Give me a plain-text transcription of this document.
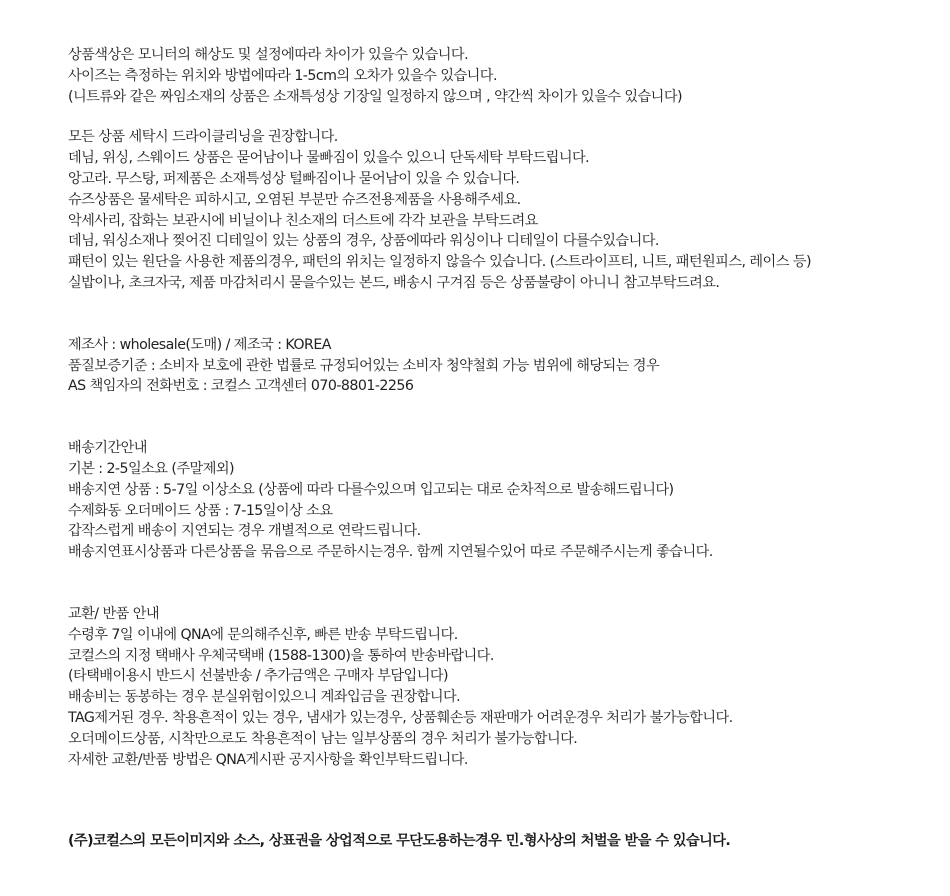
상품색상은 모니터의 해상도 및 설정에따라 차이가 있을수 있습니다.
사이즈는 측정하는 위치와 방법에따라 1-5cm의 오차가 있을수 있습니다.
(니트류와 같은 짜임소재의 상품은 소재특성상 기장일 일정하지 않으며 , 약간씩 차이가 있을수 있습니다)
모든 상품 세탁시 드라이클리닝을 권장합니다.
데님, 위싱, 스웨이드 상품은 묻어남이나 물빠짐이 있을수 있으니 단독세탁 부탁드립니다.
앙고라. 무스탕, 퍼제품은 소재특성상 털빠짐이나 묻어남이 있을 수 있습니다.
슈즈상품은 물세탁은 피하시고, 오염된 부분만 슈즈전용제품을 사용해주세요.
악세사리, 잡화는 보관시에 비닐이나 친소재의 더스트에 각각 보관을 부탁드려요
데님, 워싱소재나 찢어진 디테일이 있는 상품의 경우, 상품에따라 워싱이나 디테일이 다를수있습니다.
패턴이 있는 원단을 사용한 제품의경우, 패턴의 위치는 일정하지 않을수 있습니다. (스트라이프티, 니트, 패턴원피스, 레이스 등)
실밥이나, 초크자국, 제품 마감처리시 묻을수있는 본드, 배송시 구겨짐 등은 상품불량이 아니니 참고부탁드려요.
제조사 : wholesale(도매) / 제조국 : KOREA
품질보증기준 : 소비자 보호에 관한 법률로 규정되어있는 소비자 청약철회 가능 범위에 해당되는 경우
AS 책임자의 전화번호 : 코컬스 고객센터 070-8801-2256
배송기간안내
기본 : 2-5일소요 (주말제외)
배송지연 상품 : 5-7일 이상소요 (상품에 따라 다를수있으며 입고되는 대로 순차적으로 발송해드립니다)
수제화동 오더메이드 상품 : 7-15일이상 소요
갑작스럽게 배송이 지연되는 경우 개별적으로 연락드립니다.
배송지연표시상품과 다른상품을 묶음으로 주문하시는경우. 함께 지연될수있어 따로 주문해주시는게 좋습니다.
교환/ 반품 안내
수령후 7일 이내에 QNA에 문의해주신후, 빠른 반송 부탁드립니다.
코컬스의 지정 택배사 우체국택배 (1588-1300)을 통하여 반송바랍니다.
(타택배이용시 반드시 선불반송 / 추가금액은 구매자 부담입니다)
배송비는 동봉하는 경우 분실위험이있으니 계좌입금을 권장합니다.
TAG제거된 경우. 착용흔적이 있는 경우, 냄새가 있는경우, 상품훼손등 재판매가 어려운경우 처리가 불가능합니다.
오더메이드상품, 시착만으로도 착용흔적이 남는 일부상품의 경우 처리가 불가능합니다.
자세한 교환/반품 방법은 QNA게시판 공지사항을 확인부탁드립니다.
(주)코컬스의 모든이미지와 소스, 상표권을 상업적으로 무단도용하는경우 민.형사상의 처벌을 받을 수 있습니다.
